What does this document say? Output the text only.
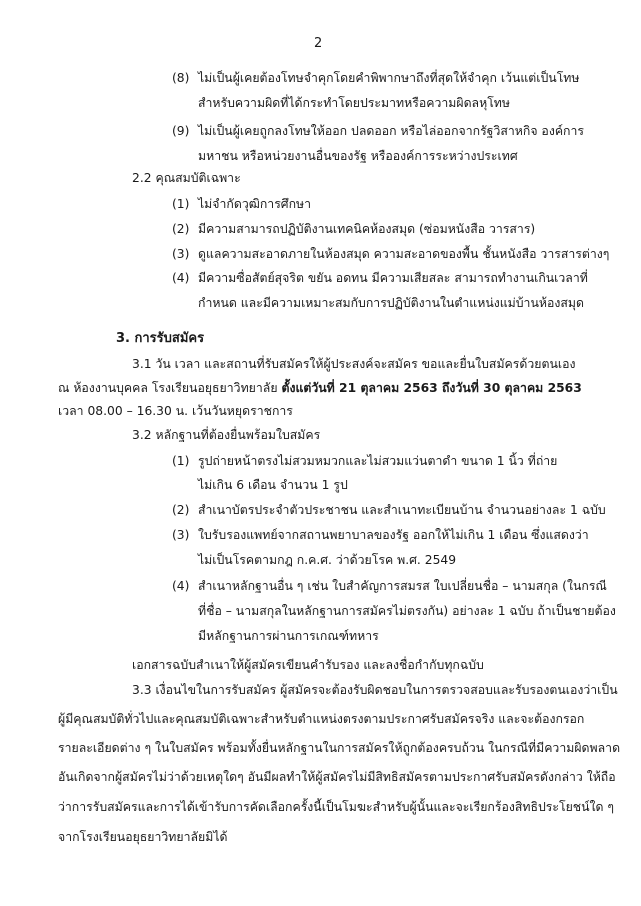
2
(8) ไม่เป็นผู้เคยต้องโทษจำคุกโดยคำพิพากษาถึงที่สุดให้จำคุก เว้นแต่เป็นโทษ
สำหรับความผิดที่ได้กระทำโดยประมาทหรือความผิดลหุโทษ
(9) ไม่เป็นผู้เคยถูกลงโทษให้ออก ปลดออก หรือไล่ออกจากรัฐวิสาหกิจ องค์การ
มหาชน หรือหน่วยงานอื่นของรัฐ หรือองค์การระหว่างประเทศ
2.2 คุณสมบัติเฉพาะ
(1) ไม่จำกัดวุฒิการศึกษา
(2) มีความสามารถปฏิบัติงานเทคนิคห้องสมุด (ซ่อมหนังสือ วารสาร)
(3) ดูแลความสะอาดภายในห้องสมุด ความสะอาดของพื้น ชั้นหนังสือ วารสารต่างๆ
(4) มีความซื่อสัตย์สุจริต ขยัน อดทน มีความเสียสละ สามารถทำงานเกินเวลาที่
กำหนด และมีความเหมาะสมกับการปฏิบัติงานในตำแหน่งแม่บ้านห้องสมุด
3. การรับสมัคร
3.1 วัน เวลา และสถานที่รับสมัครให้ผู้ประสงค์จะสมัคร ขอและยื่นใบสมัครด้วยตนเอง
ณ ห้องงานบุคคล โรงเรียนอยุธยาวิทยาลัย ตั้งแต่วันที่ 21 ตุลาคม 2563 ถึงวันที่ 30 ตุลาคม 2563
เวลา 08.00 – 16.30 น. เว้นวันหยุดราชการ
3.2 หลักฐานที่ต้องยื่นพร้อมใบสมัคร
(1) รูปถ่ายหน้าตรงไม่สวมหมวกและไม่สวมแว่นตาดำ ขนาด 1 นิ้ว ที่ถ่าย
ไม่เกิน 6 เดือน จำนวน 1 รูป
(2) สำเนาบัตรประจำตัวประชาชน และสำเนาทะเบียนบ้าน จำนวนอย่างละ 1 ฉบับ
(3) ใบรับรองแพทย์จากสถานพยาบาลของรัฐ ออกให้ไม่เกิน 1 เดือน ซึ่งแสดงว่า
ไม่เป็นโรคตามกฎ ก.ค.ศ. ว่าด้วยโรค พ.ศ. 2549
(4) สำเนาหลักฐานอื่น ๆ เช่น ใบสำคัญการสมรส ใบเปลี่ยนชื่อ – นามสกุล (ในกรณี
ที่ชื่อ – นามสกุลในหลักฐานการสมัครไม่ตรงกัน) อย่างละ 1 ฉบับ ถ้าเป็นชายต้อง
มีหลักฐานการผ่านการเกณฑ์ทหาร
เอกสารฉบับสำเนาให้ผู้สมัครเขียนคำรับรอง และลงชื่อกำกับทุกฉบับ
3.3 เงื่อนไขในการรับสมัคร ผู้สมัครจะต้องรับผิดชอบในการตรวจสอบและรับรองตนเองว่าเป็น
ผู้มีคุณสมบัติทั่วไปและคุณสมบัติเฉพาะสำหรับตำแหน่งตรงตามประกาศรับสมัครจริง และจะต้องกรอก
รายละเอียดต่าง ๆ ในใบสมัคร พร้อมทั้งยื่นหลักฐานในการสมัครให้ถูกต้องครบถ้วน ในกรณีที่มีความผิดพลาด
อันเกิดจากผู้สมัครไม่ว่าด้วยเหตุใดๆ อันมีผลทำให้ผู้สมัครไม่มีสิทธิสมัครตามประกาศรับสมัครดังกล่าว ให้ถือ
ว่าการรับสมัครและการได้เข้ารับการคัดเลือกครั้งนี้เป็นโมฆะสำหรับผู้นั้นและจะเรียกร้องสิทธิประโยชน์ใด ๆ
จากโรงเรียนอยุธยาวิทยาลัยมิได้
